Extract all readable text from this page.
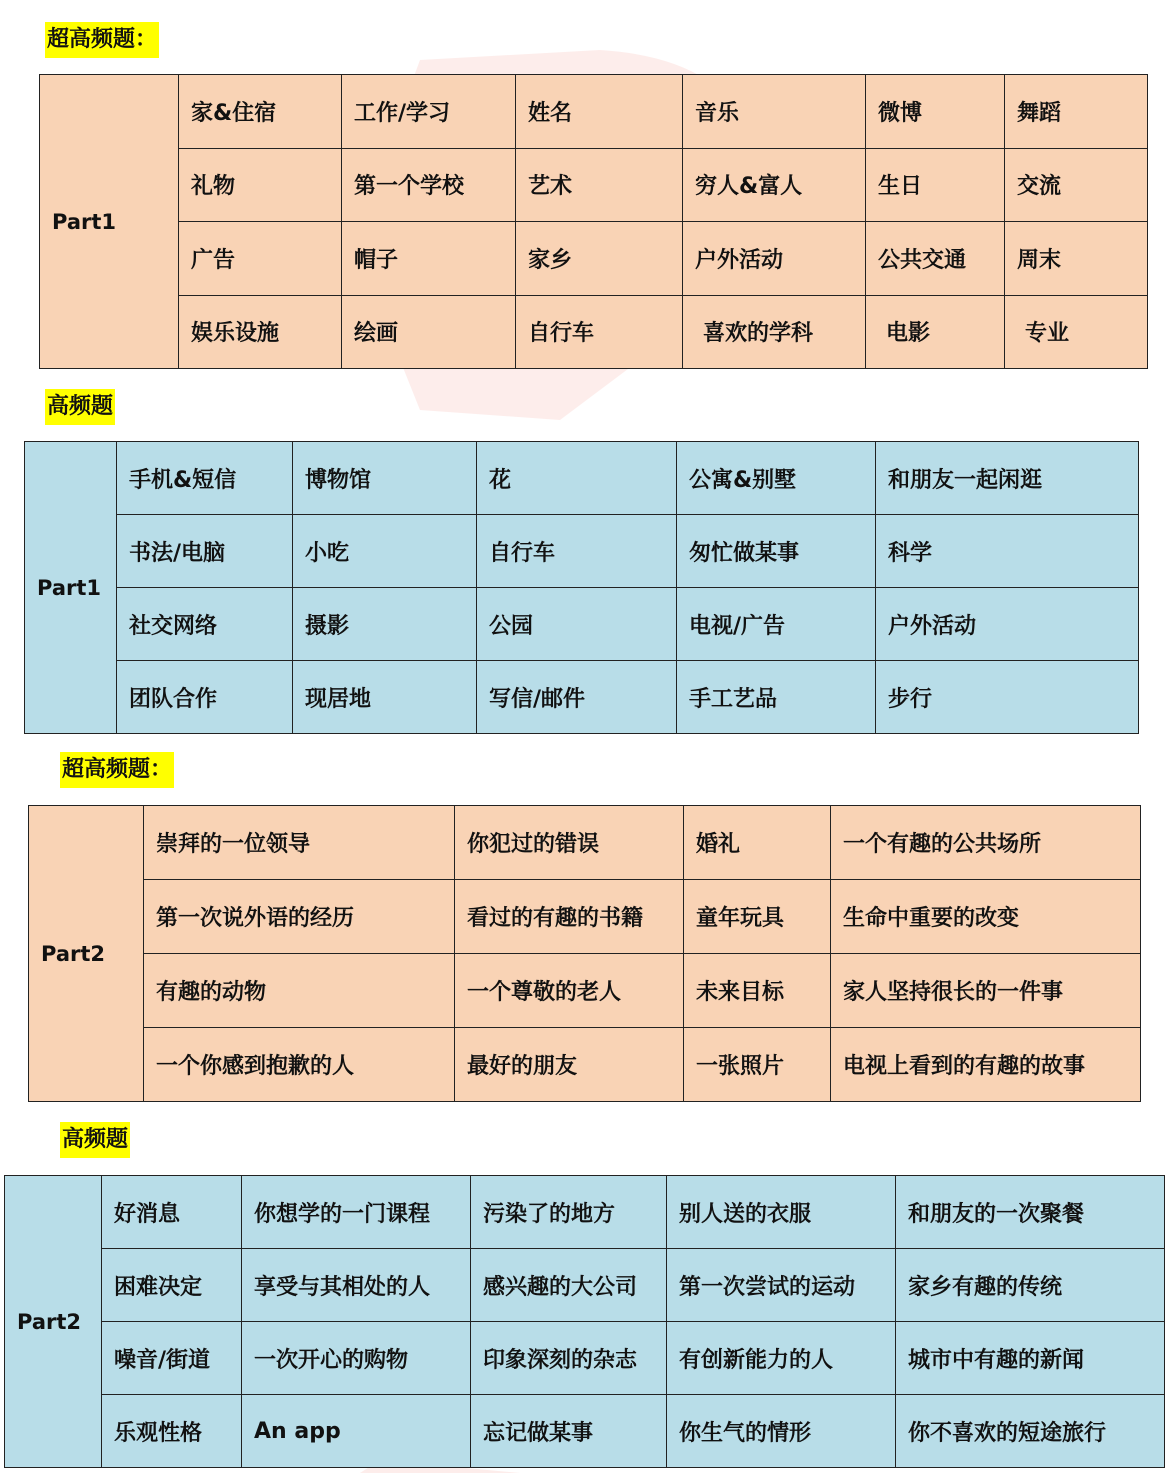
超高频题：
Part1	家&住宿	工作/学习	姓名	音乐	微博	舞蹈
	礼物	第一个学校	艺术	穷人&富人	生日	交流
	广告	帽子	家乡	户外活动	公共交通	周末
	娱乐设施	绘画	自行车	喜欢的学科	电影	专业
高频题
Part1	手机&短信	博物馆	花	公寓&别墅	和朋友一起闲逛
	书法/电脑	小吃	自行车	匆忙做某事	科学
	社交网络	摄影	公园	电视/广告	户外活动
	团队合作	现居地	写信/邮件	手工艺品	步行
超高频题：
Part2	崇拜的一位领导	你犯过的错误	婚礼	一个有趣的公共场所
	第一次说外语的经历	看过的有趣的书籍	童年玩具	生命中重要的改变
	有趣的动物	一个尊敬的老人	未来目标	家人坚持很长的一件事
	一个你感到抱歉的人	最好的朋友	一张照片	电视上看到的有趣的故事
高频题
Part2	好消息	你想学的一门课程	污染了的地方	别人送的衣服	和朋友的一次聚餐
	困难决定	享受与其相处的人	感兴趣的大公司	第一次尝试的运动	家乡有趣的传统
	噪音/街道	一次开心的购物	印象深刻的杂志	有创新能力的人	城市中有趣的新闻
	乐观性格	An app	忘记做某事	你生气的情形	你不喜欢的短途旅行
